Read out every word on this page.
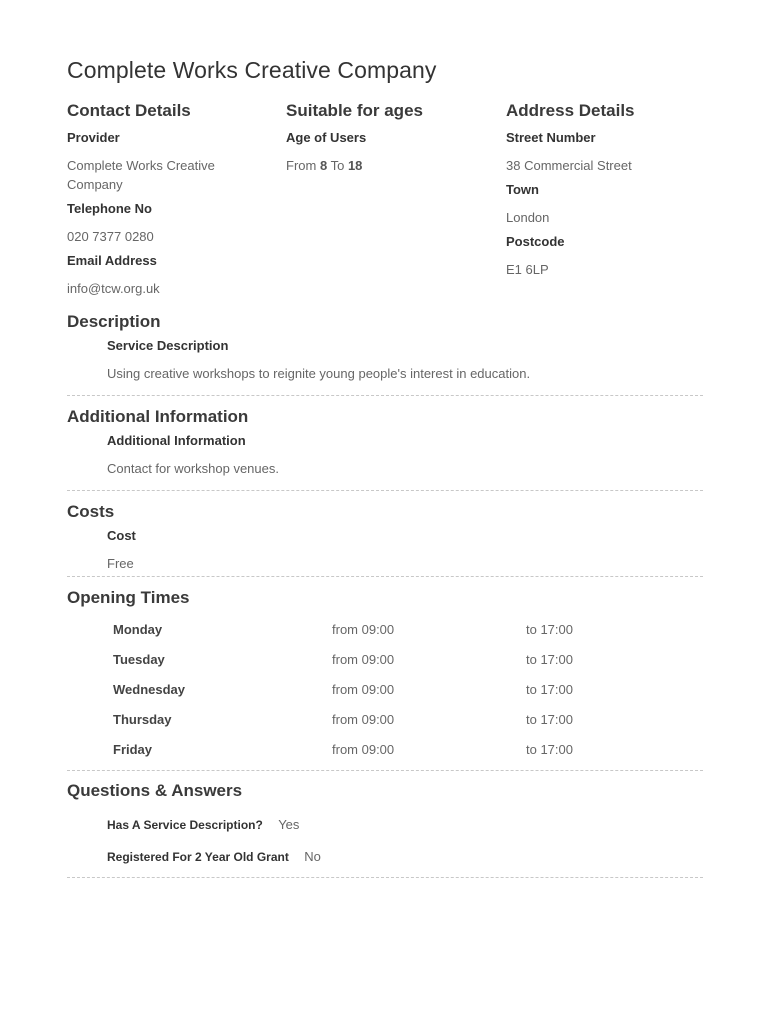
Complete Works Creative Company
Contact Details
Provider
Complete Works Creative Company
Telephone No
020 7377 0280
Email Address
info@tcw.org.uk
Suitable for ages
Age of Users
From 8 To 18
Address Details
Street Number
38 Commercial Street
Town
London
Postcode
E1 6LP
Description
Service Description
Using creative workshops to reignite young people's interest in education.
Additional Information
Additional Information
Contact for workshop venues.
Costs
Cost
Free
Opening Times
Monday	from 09:00	to 17:00
Tuesday	from 09:00	to 17:00
Wednesday	from 09:00	to 17:00
Thursday	from 09:00	to 17:00
Friday	from 09:00	to 17:00
Questions & Answers
Has A Service Description? Yes
Registered For 2 Year Old Grant No
